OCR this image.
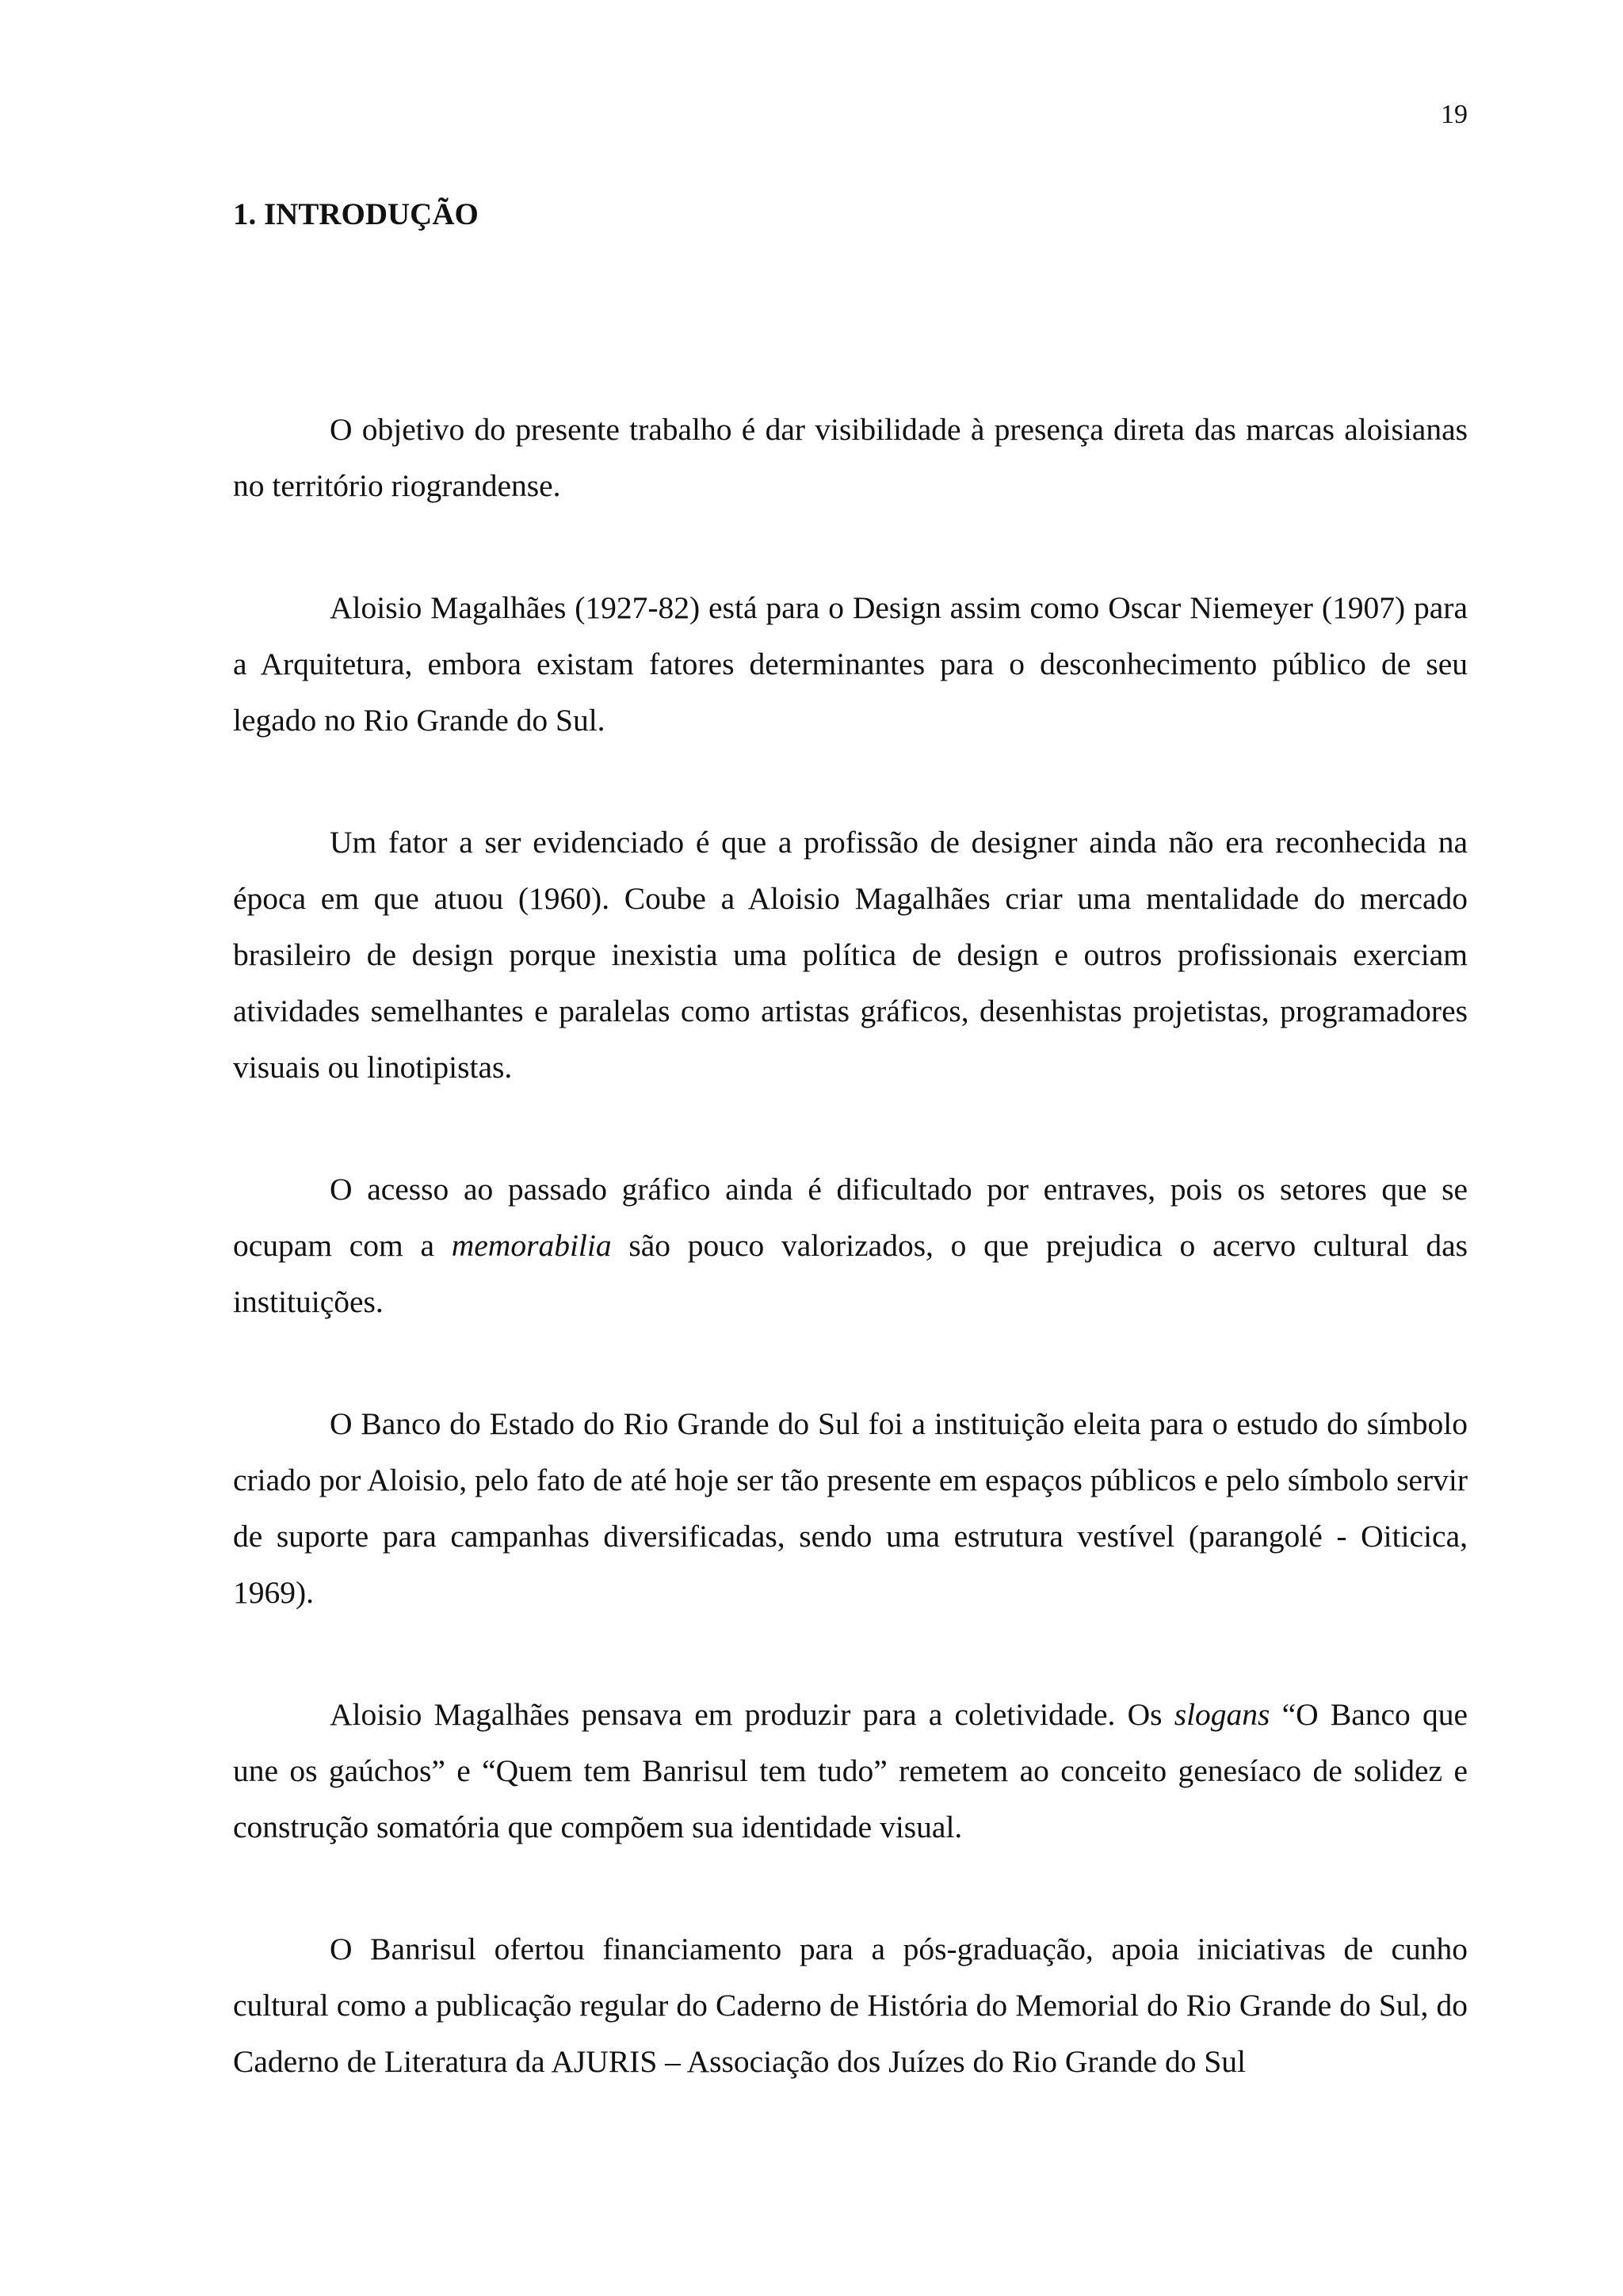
19
1. INTRODUÇÃO

O objetivo do presente trabalho é dar visibilidade à presença direta das marcas aloisianas no território riograndense.

Aloisio Magalhães (1927-82) está para o Design assim como Oscar Niemeyer (1907) para a Arquitetura, embora existam fatores determinantes para o desconhecimento público de seu legado no Rio Grande do Sul.

Um fator a ser evidenciado é que a profissão de designer ainda não era reconhecida na época em que atuou (1960). Coube a Aloisio Magalhães criar uma mentalidade do mercado brasileiro de design porque inexistia uma política de design e outros profissionais exerciam atividades semelhantes e paralelas como artistas gráficos, desenhistas projetistas, programadores visuais ou linotipistas.

O acesso ao passado gráfico ainda é dificultado por entraves, pois os setores que se ocupam com a memorabilia são pouco valorizados, o que prejudica o acervo cultural das instituições.

O Banco do Estado do Rio Grande do Sul foi a instituição eleita para o estudo do símbolo criado por Aloisio, pelo fato de até hoje ser tão presente em espaços públicos e pelo símbolo servir de suporte para campanhas diversificadas, sendo uma estrutura vestível (parangolé - Oiticica, 1969).

Aloisio Magalhães pensava em produzir para a coletividade. Os slogans “O Banco que une os gaúchos” e “Quem tem Banrisul tem tudo” remetem ao conceito genesíaco de solidez e construção somatória que compõem sua identidade visual.

O Banrisul ofertou financiamento para a pós-graduação, apoia iniciativas de cunho cultural como a publicação regular do Caderno de História do Memorial do Rio Grande do Sul, do Caderno de Literatura da AJURIS – Associação dos Juízes do Rio Grande do Sul
